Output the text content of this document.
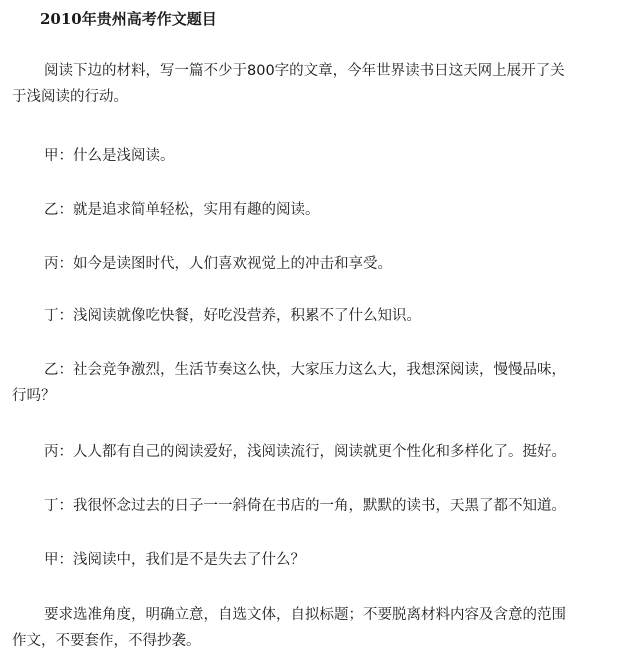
2010年贵州高考作文题目

阅读下边的材料，写一篇不少于800字的文章，今年世界读书日这天网上展开了关
于浅阅读的行动。

甲：什么是浅阅读。

乙：就是追求简单轻松，实用有趣的阅读。

丙：如今是读图时代，人们喜欢视觉上的冲击和享受。

丁：浅阅读就像吃快餐，好吃没营养，积累不了什么知识。

乙：社会竞争激烈，生活节奏这么快，大家压力这么大，我想深阅读，慢慢品味，
行吗？

丙：人人都有自己的阅读爱好，浅阅读流行，阅读就更个性化和多样化了。挺好。

丁：我很怀念过去的日子一一斜倚在书店的一角，默默的读书，天黑了都不知道。

甲：浅阅读中，我们是不是失去了什么？

要求选准角度，明确立意，自选文体，自拟标题；不要脱离材料内容及含意的范围
作文，不要套作，不得抄袭。
